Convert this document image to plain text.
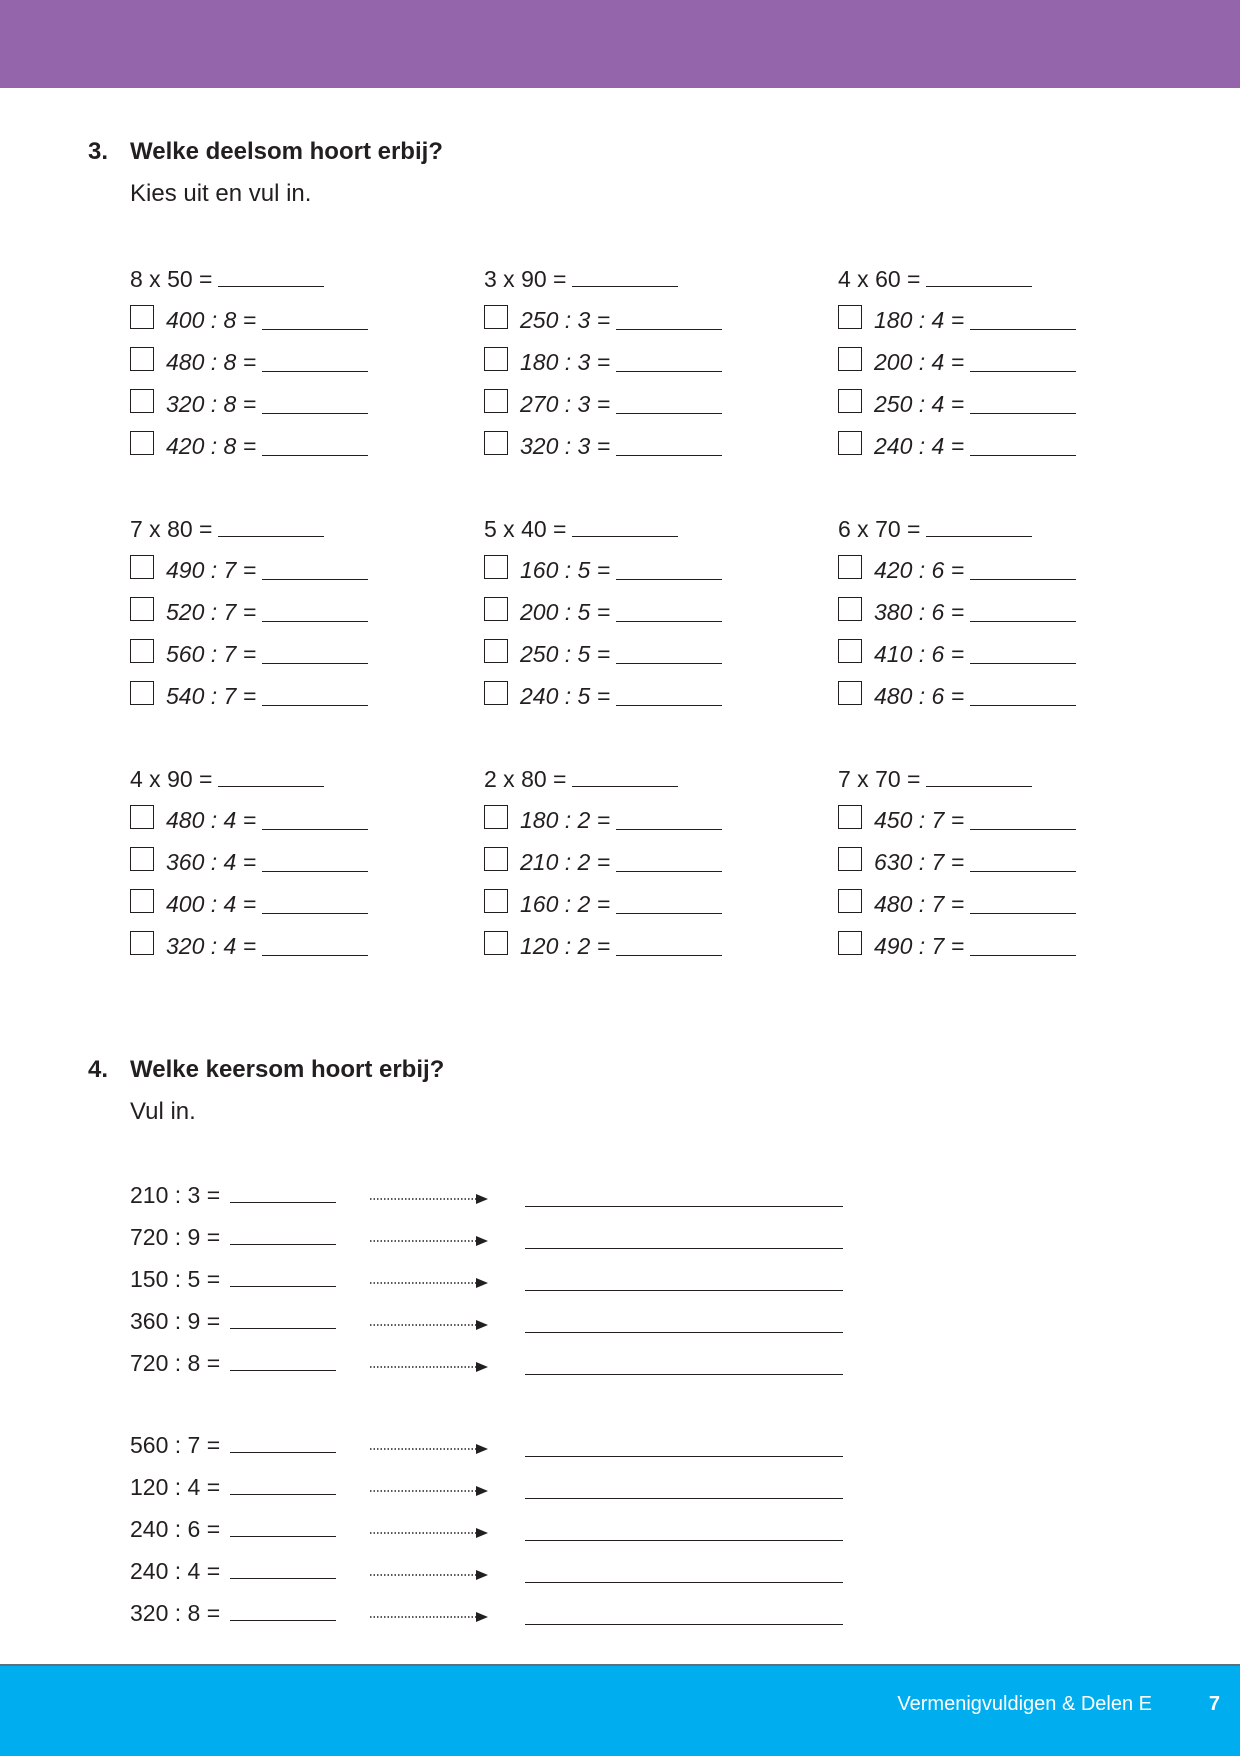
3. Welke deelsom hoort erbij?
Kies uit en vul in.
8 x 50 =
400 : 8 =
480 : 8 =
320 : 8 =
420 : 8 =
3 x 90 =
250 : 3 =
180 : 3 =
270 : 3 =
320 : 3 =
4 x 60 =
180 : 4 =
200 : 4 =
250 : 4 =
240 : 4 =
7 x 80 =
490 : 7 =
520 : 7 =
560 : 7 =
540 : 7 =
5 x 40 =
160 : 5 =
200 : 5 =
250 : 5 =
240 : 5 =
6 x 70 =
420 : 6 =
380 : 6 =
410 : 6 =
480 : 6 =
4 x 90 =
480 : 4 =
360 : 4 =
400 : 4 =
320 : 4 =
2 x 80 =
180 : 2 =
210 : 2 =
160 : 2 =
120 : 2 =
7 x 70 =
450 : 7 =
630 : 7 =
480 : 7 =
490 : 7 =
4. Welke keersom hoort erbij?
Vul in.
210 : 3 =
720 : 9 =
150 : 5 =
360 : 9 =
720 : 8 =
560 : 7 =
120 : 4 =
240 : 6 =
240 : 4 =
320 : 8 =
Vermenigvuldigen & Delen E	7
